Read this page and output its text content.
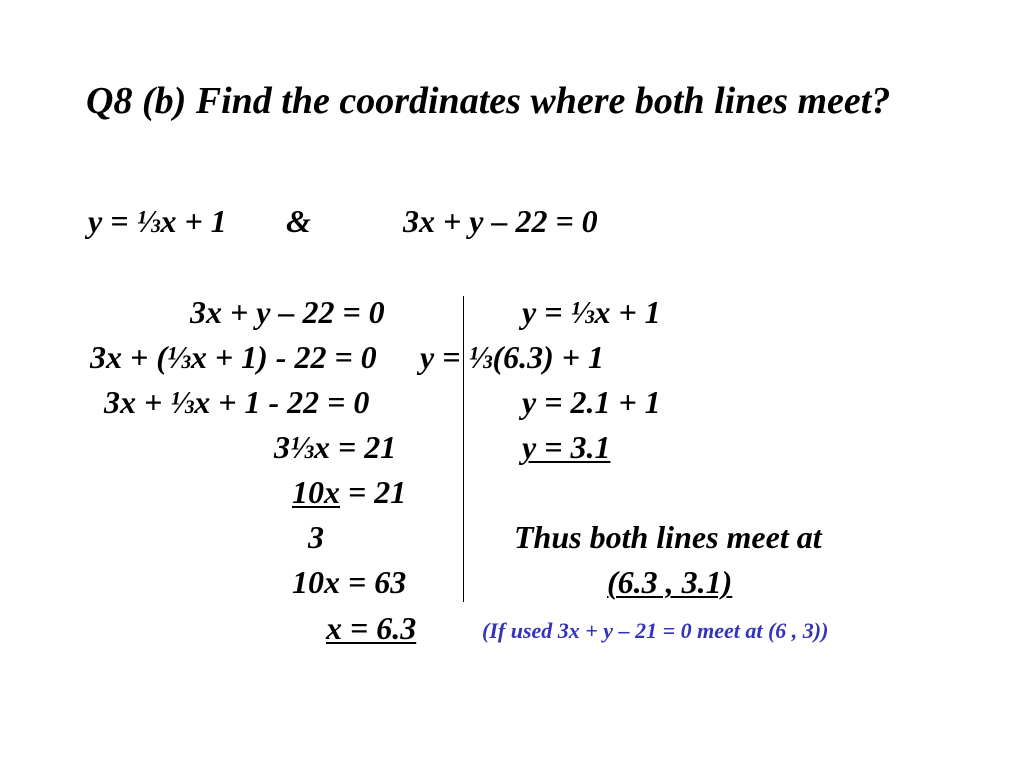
Q8 (b) Find the coordinates where both lines meet?
y = ⅓x + 1 &	3x + y – 22 = 0
3x + y – 22 = 0
3x + (⅓x + 1) - 22 = 0
3x + ⅓x + 1 - 22 = 0
3⅓x = 21
10x = 21
3
10x = 63
x = 6.3
y = ⅓x + 1
y = ⅓(6.3) + 1
y = 2.1 + 1
y = 3.1
Thus both lines meet at
(6.3 , 3.1)
(If used 3x + y – 21 = 0 meet at (6 , 3))
